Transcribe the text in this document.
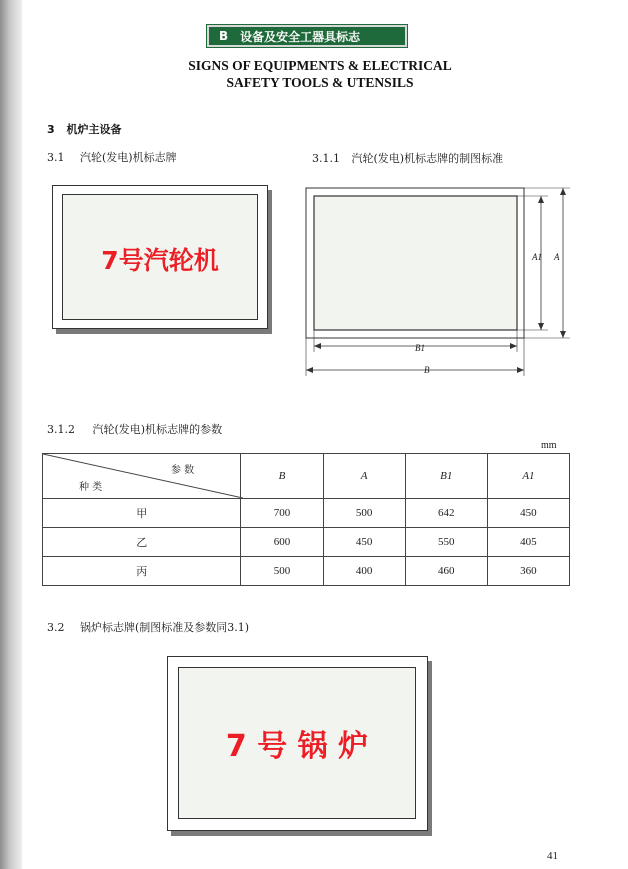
B 设备及安全工器具标志
SIGNS OF EQUIPMENTS & ELECTRICAL
SAFETY TOOLS & UTENSILS
3 机炉主设备
3.1 汽轮(发电)机标志牌	3.1.1 汽轮(发电)机标志牌的制图标准
7号汽轮机	A1 A
B1
B
3.1.2 汽轮(发电)机标志牌的参数
mm
参 数
种 类	B	A	B1	A1
甲	700	500	642	450
乙	600	450	550	405
丙	500	400	460	360
3.2 锅炉标志牌(制图标准及参数同3.1)
7 号 锅 炉
41
